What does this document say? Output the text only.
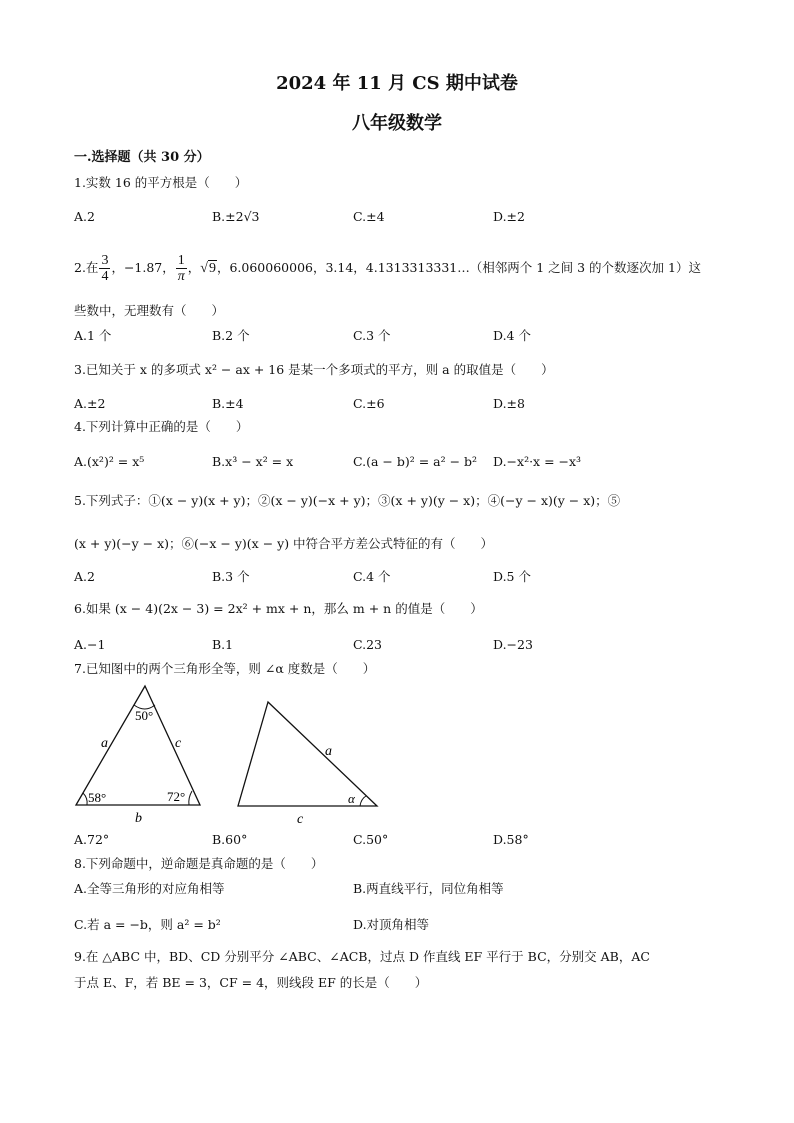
2024 年 11 月 CS 期中试卷
八年级数学
一.选择题（共 30 分）
1.实数 16 的平方根是（　　）
A.2	B.±2√3	C.±4	D.±2
2.在 $\frac{3}{4}$ ，−1.87， $\frac{1}{\pi}$ ，√9，6.060060006，3.14，4.1313313331…（相邻两个 1 之间 3 的个数逐次加 1）这
些数中，无理数有（　　）
A.1 个	B.2 个	C.3 个	D.4 个
3.已知关于 x 的多项式 x² − ax + 16 是某一个多项式的平方，则 a 的取值是（　　）
A.±2	B.±4	C.±6	D.±8
4.下列计算中正确的是（　　）
A.(x²)² = x⁵	B.x³ − x² = x	C.(a − b)² = a² − b² D.−x²·x = −x³
5.下列式子：①(x − y)(x + y)；②(x − y)(−x + y)；③(x + y)(y − x)；④(−y − x)(y − x)；⑤
(x + y)(−y − x)；⑥(−x − y)(x − y) 中符合平方差公式特征的有（　　）
A.2	B.3 个	C.4 个	D.5 个
6.如果 (x − 4)(2x − 3) = 2x² + mx + n，那么 m + n 的值是（　　）
A.−1	B.1	C.23	D.−23
7.已知图中的两个三角形全等，则 ∠α 度数是（　　）
50°
58°	72°
a	c
b
a
c
α
A.72°	B.60°	C.50°	D.58°
8.下列命题中，逆命题是真命题的是（　　）
A.全等三角形的对应角相等	B.两直线平行，同位角相等
C.若 a = −b，则 a² = b²	D.对顶角相等
9.在 △ABC 中，BD、CD 分别平分 ∠ABC、∠ACB，过点 D 作直线 EF 平行于 BC，分别交 AB，AC
于点 E、F，若 BE = 3，CF = 4，则线段 EF 的长是（　　）
